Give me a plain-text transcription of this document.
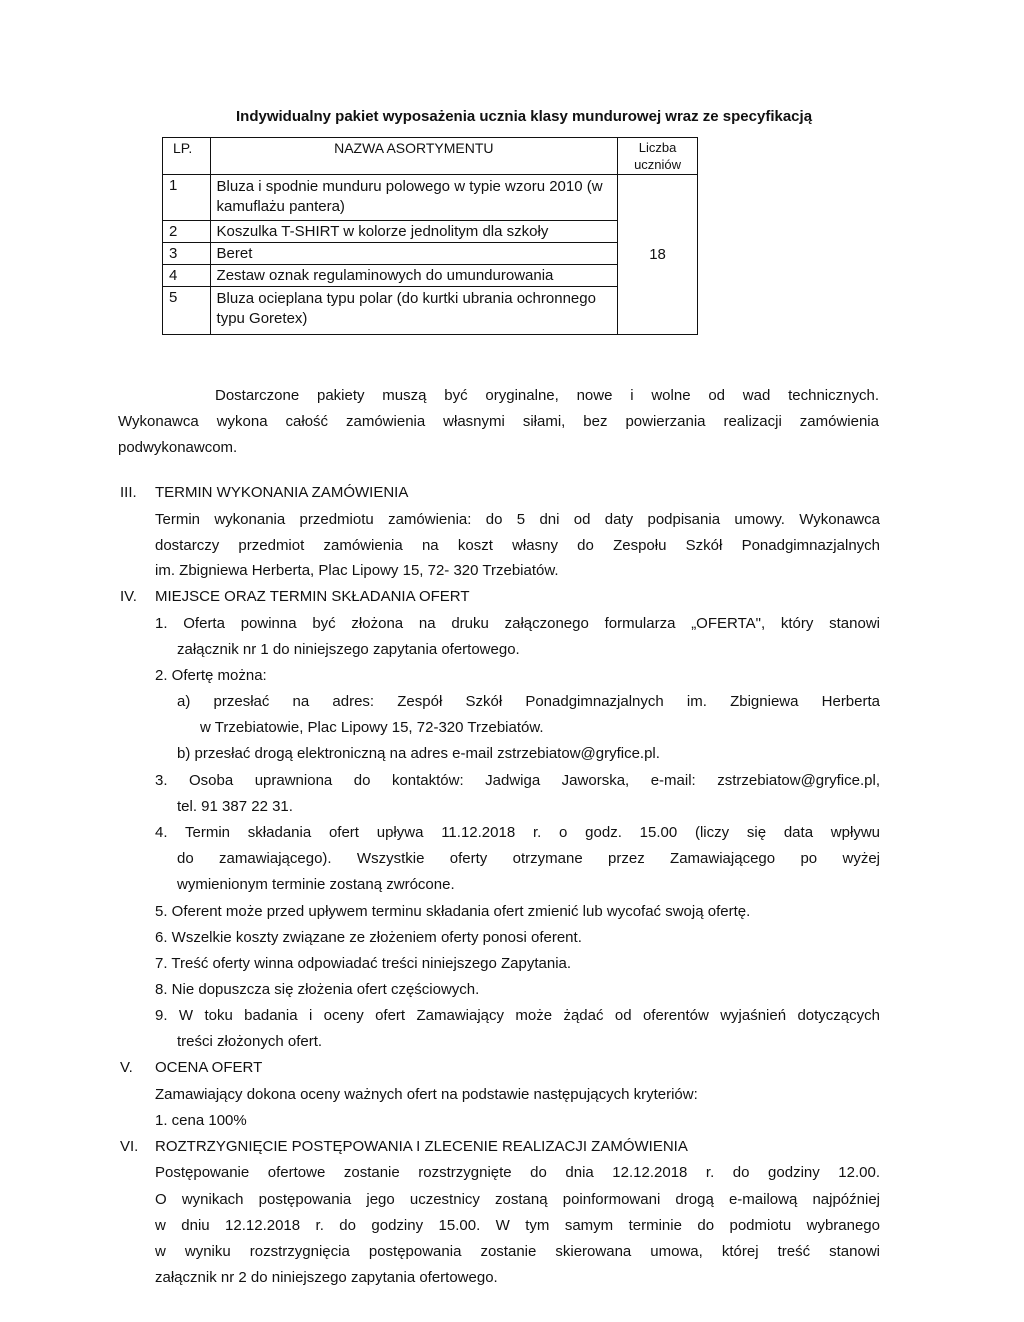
Indywidualny pakiet wyposażenia ucznia klasy mundurowej wraz ze specyfikacją
LP.	NAZWA ASORTYMENTU	Liczba uczniów
1	Bluza i spodnie munduru polowego w typie wzoru 2010 (w kamuflażu pantera)	18
2	Koszulka T-SHIRT w kolorze jednolitym dla szkoły	
3	Beret	
4	Zestaw oznak regulaminowych do umundurowania	
5	Bluza ocieplana typu polar (do kurtki ubrania ochronnego typu Goretex)	
Dostarczone pakiety muszą być oryginalne, nowe i wolne od wad technicznych.
Wykonawca wykona całość zamówienia własnymi siłami, bez powierzania realizacji zamówienia
podwykonawcom.
III. TERMIN WYKONANIA ZAMÓWIENIA
Termin wykonania przedmiotu zamówienia: do 5 dni od daty podpisania umowy. Wykonawca
dostarczy przedmiot zamówienia na koszt własny do Zespołu Szkół Ponadgimnazjalnych
im. Zbigniewa Herberta, Plac Lipowy 15, 72- 320 Trzebiatów.
IV. MIEJSCE ORAZ TERMIN SKŁADANIA OFERT
1. Oferta powinna być złożona na druku załączonego formularza „OFERTA", który stanowi
załącznik nr 1 do niniejszego zapytania ofertowego.
2. Ofertę można:
a) przesłać na adres: Zespół Szkół Ponadgimnazjalnych im. Zbigniewa Herberta
w Trzebiatowie, Plac Lipowy 15, 72-320 Trzebiatów.
b) przesłać drogą elektroniczną na adres e-mail zstrzebiatow@gryfice.pl.
3. Osoba uprawniona do kontaktów: Jadwiga Jaworska, e-mail: zstrzebiatow@gryfice.pl,
tel. 91 387 22 31.
4. Termin składania ofert upływa 11.12.2018 r. o godz. 15.00 (liczy się data wpływu
do zamawiającego). Wszystkie oferty otrzymane przez Zamawiającego po wyżej
wymienionym terminie zostaną zwrócone.
5. Oferent może przed upływem terminu składania ofert zmienić lub wycofać swoją ofertę.
6. Wszelkie koszty związane ze złożeniem oferty ponosi oferent.
7. Treść oferty winna odpowiadać treści niniejszego Zapytania.
8. Nie dopuszcza się złożenia ofert częściowych.
9. W toku badania i oceny ofert Zamawiający może żądać od oferentów wyjaśnień dotyczących
treści złożonych ofert.
V. OCENA OFERT
Zamawiający dokona oceny ważnych ofert na podstawie następujących kryteriów:
1. cena 100%
VI. ROZTRZYGNIĘCIE POSTĘPOWANIA I ZLECENIE REALIZACJI ZAMÓWIENIA
Postępowanie ofertowe zostanie rozstrzygnięte do dnia 12.12.2018 r. do godziny 12.00.
O wynikach postępowania jego uczestnicy zostaną poinformowani drogą e-mailową najpóźniej
w dniu 12.12.2018 r. do godziny 15.00. W tym samym terminie do podmiotu wybranego
w wyniku rozstrzygnięcia postępowania zostanie skierowana umowa, której treść stanowi
załącznik nr 2 do niniejszego zapytania ofertowego.
